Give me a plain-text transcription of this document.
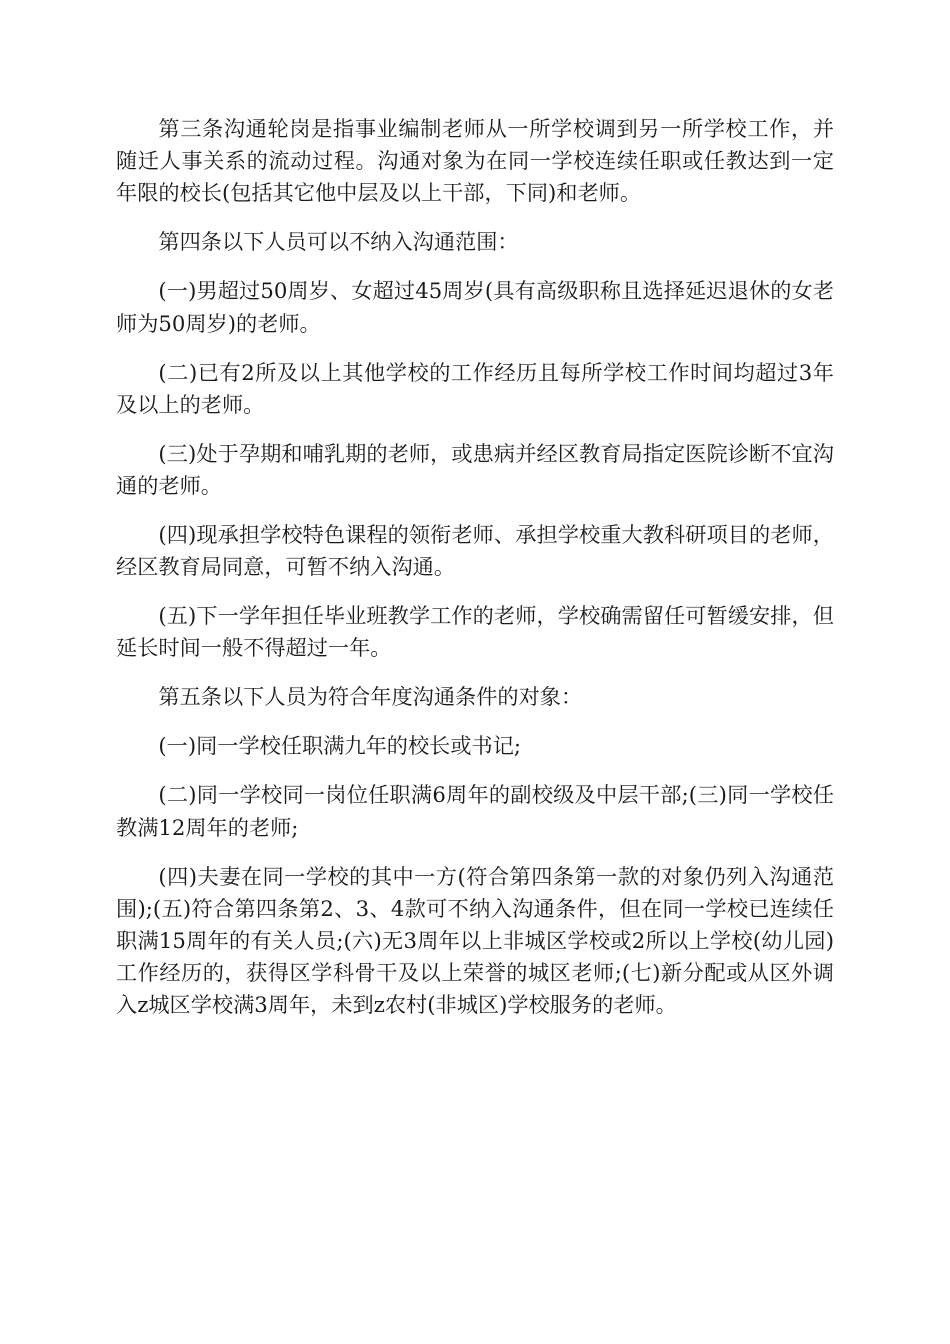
第三条沟通轮岗是指事业编制老师从一所学校调到另一所学校工作，并随迁人事关系的流动过程。沟通对象为在同一学校连续任职或任教达到一定年限的校长(包括其它他中层及以上干部，下同)和老师。

第四条以下人员可以不纳入沟通范围：

(一)男超过50周岁、女超过45周岁(具有高级职称且选择延迟退休的女老师为50周岁)的老师。

(二)已有2所及以上其他学校的工作经历且每所学校工作时间均超过3年及以上的老师。

(三)处于孕期和哺乳期的老师，或患病并经区教育局指定医院诊断不宜沟通的老师。

(四)现承担学校特色课程的领衔老师、承担学校重大教科研项目的老师，经区教育局同意，可暂不纳入沟通。

(五)下一学年担任毕业班教学工作的老师，学校确需留任可暂缓安排，但延长时间一般不得超过一年。

第五条以下人员为符合年度沟通条件的对象：

(一)同一学校任职满九年的校长或书记;

(二)同一学校同一岗位任职满6周年的副校级及中层干部;(三)同一学校任教满12周年的老师;

(四)夫妻在同一学校的其中一方(符合第四条第一款的对象仍列入沟通范围);(五)符合第四条第2、3、4款可不纳入沟通条件，但在同一学校已连续任职满15周年的有关人员;(六)无3周年以上非城区学校或2所以上学校(幼儿园)工作经历的，获得区学科骨干及以上荣誉的城区老师;(七)新分配或从区外调入z城区学校满3周年，未到z农村(非城区)学校服务的老师。
